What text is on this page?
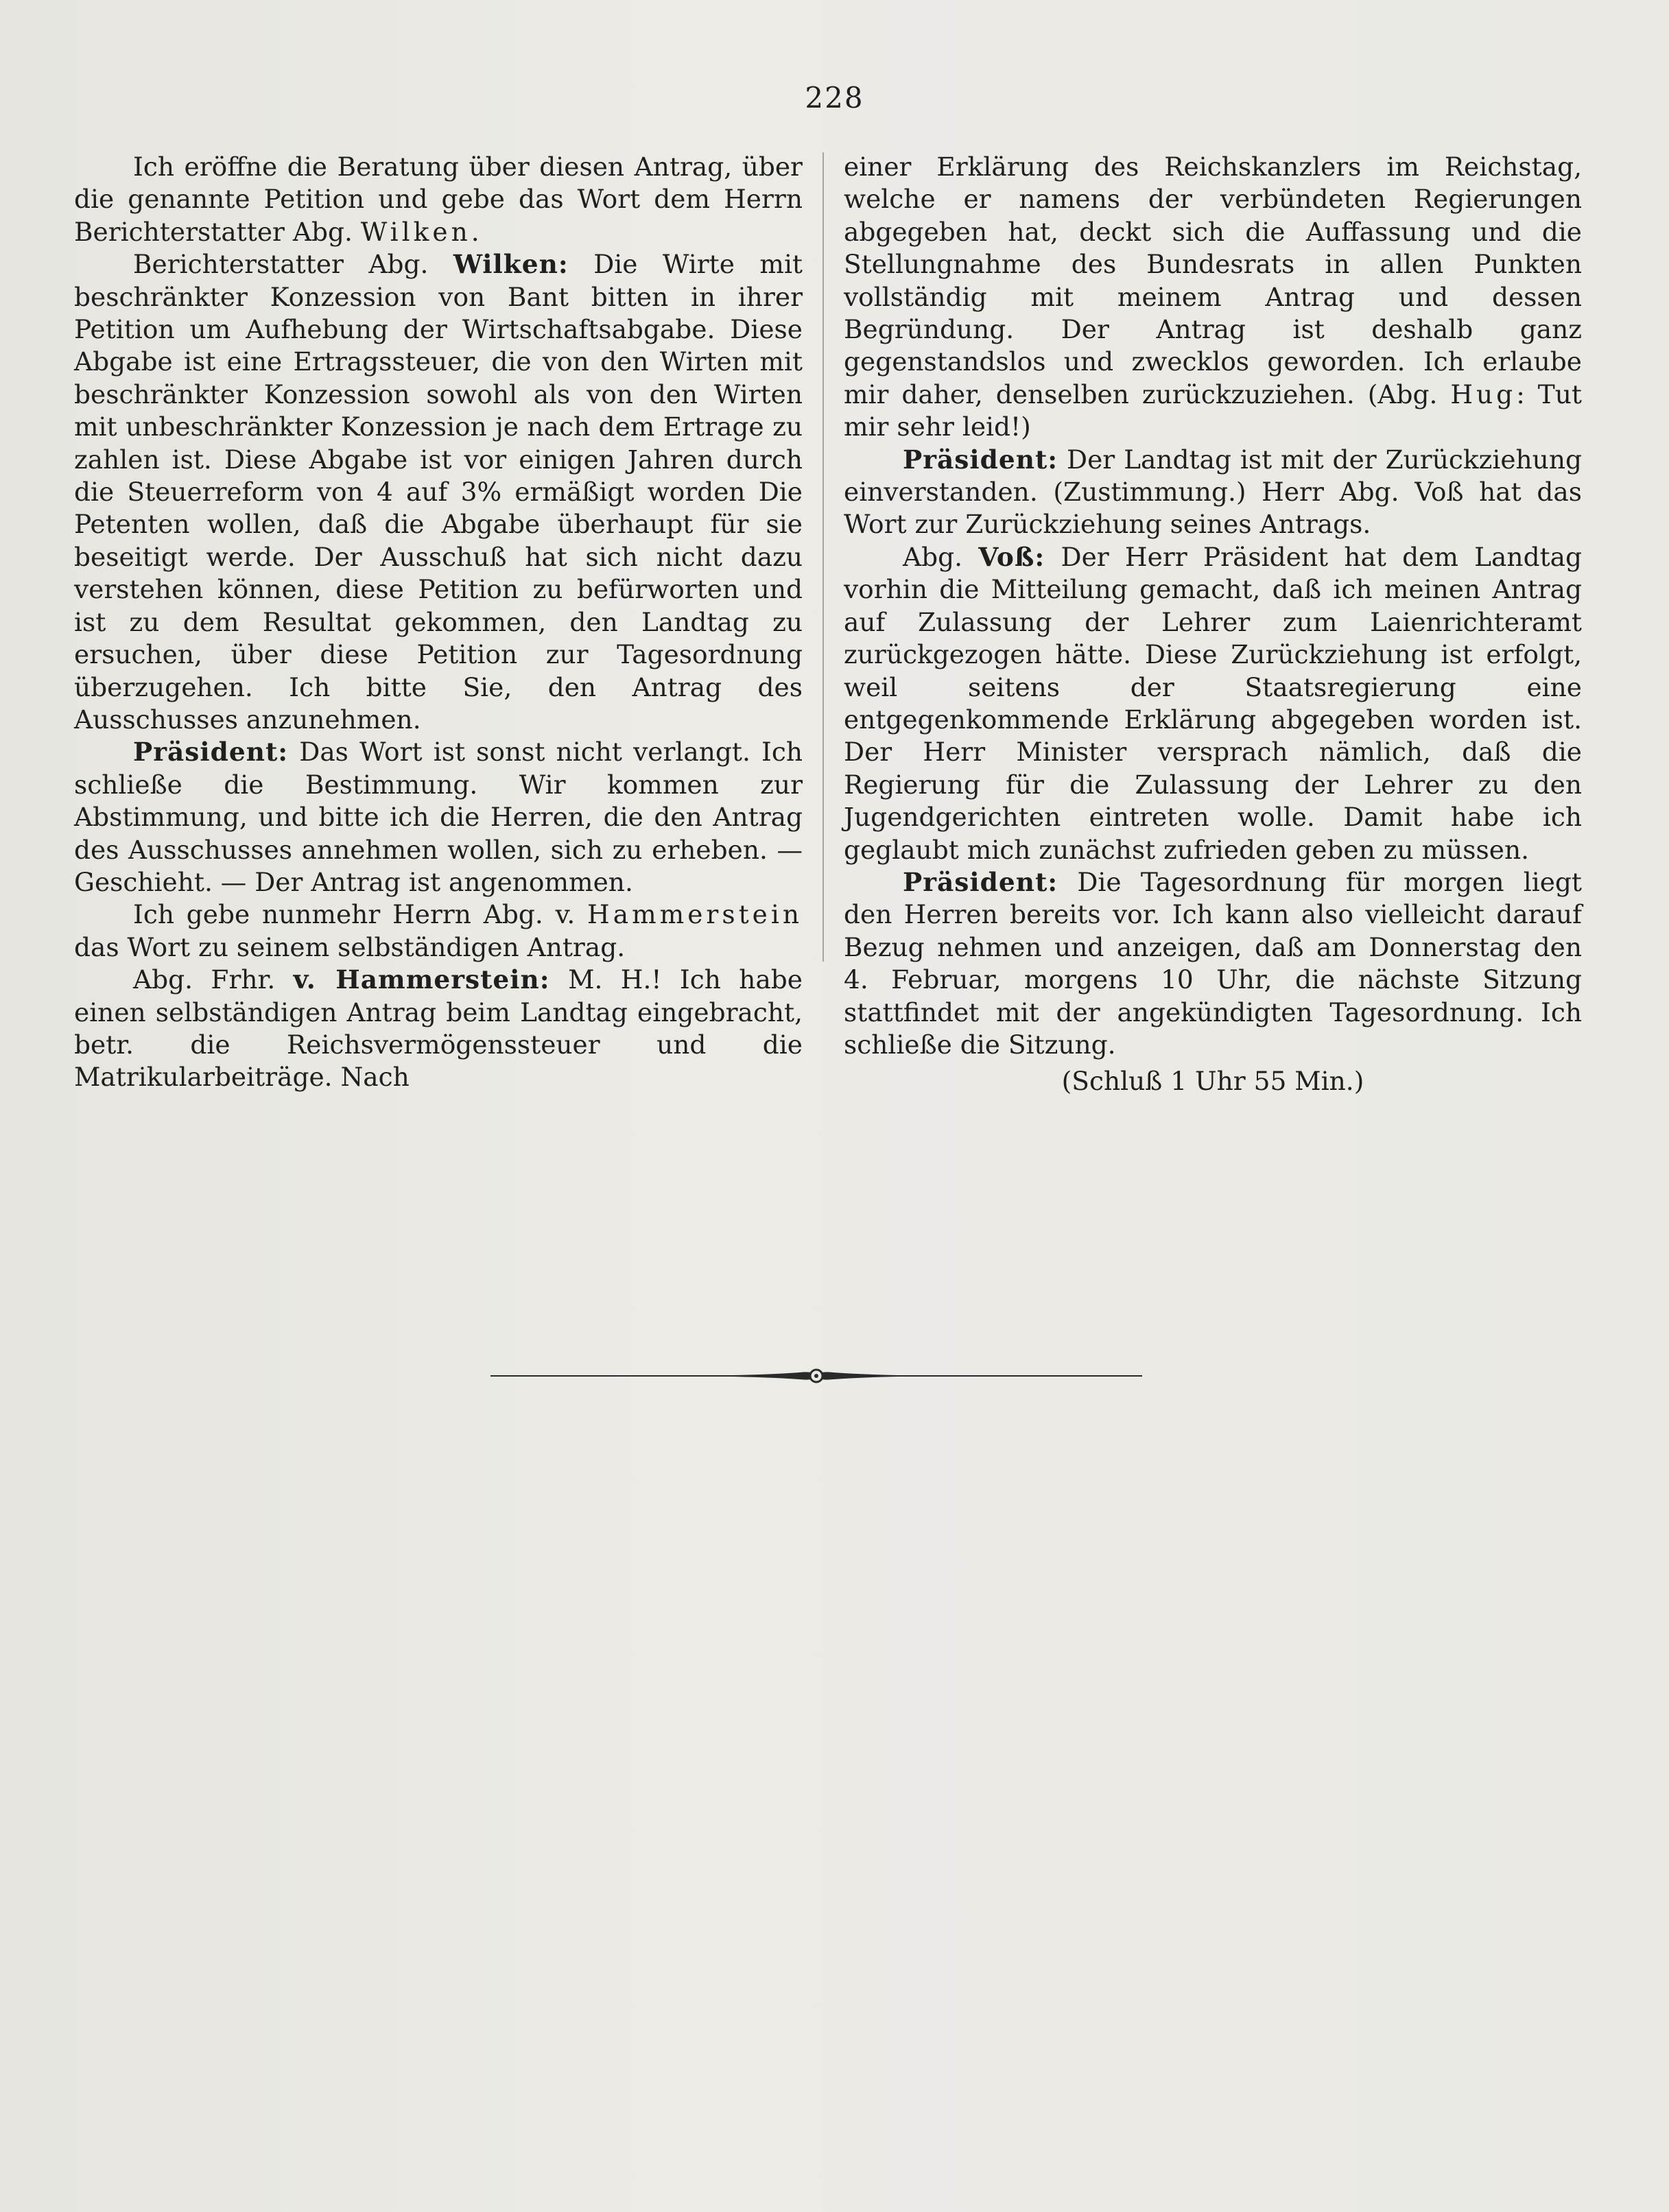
228

Ich eröffne die Beratung über diesen Antrag, über die genannte Petition und gebe das Wort dem Herrn Berichterstatter Abg. Wilken.

Berichterstatter Abg. Wilken: Die Wirte mit beschränkter Konzession von Bant bitten in ihrer Petition um Aufhebung der Wirtschaftsabgabe. Diese Abgabe ist eine Ertragssteuer, die von den Wirten mit beschränkter Konzession sowohl als von den Wirten mit unbeschränkter Konzession je nach dem Ertrage zu zahlen ist. Diese Abgabe ist vor einigen Jahren durch die Steuerreform von 4 auf 3% ermäßigt worden Die Petenten wollen, daß die Abgabe überhaupt für sie beseitigt werde. Der Ausschuß hat sich nicht dazu verstehen können, diese Petition zu befürworten und ist zu dem Resultat gekommen, den Landtag zu ersuchen, über diese Petition zur Tagesordnung überzugehen. Ich bitte Sie, den Antrag des Ausschusses anzunehmen.

Präsident: Das Wort ist sonst nicht verlangt. Ich schließe die Bestimmung. Wir kommen zur Abstimmung, und bitte ich die Herren, die den Antrag des Ausschusses annehmen wollen, sich zu erheben. — Geschieht. — Der Antrag ist angenommen.

Ich gebe nunmehr Herrn Abg. v. Hammerstein das Wort zu seinem selbständigen Antrag.

Abg. Frhr. v. Hammerstein: M. H.! Ich habe einen selbständigen Antrag beim Landtag eingebracht, betr. die Reichsvermögenssteuer und die Matrikularbeiträge. Nach

einer Erklärung des Reichskanzlers im Reichstag, welche er namens der verbündeten Regierungen abgegeben hat, deckt sich die Auffassung und die Stellungnahme des Bundesrats in allen Punkten vollständig mit meinem Antrag und dessen Begründung. Der Antrag ist deshalb ganz gegenstandslos und zwecklos geworden. Ich erlaube mir daher, denselben zurückzuziehen. (Abg. Hug: Tut mir sehr leid!)

Präsident: Der Landtag ist mit der Zurückziehung einverstanden. (Zustimmung.) Herr Abg. Voß hat das Wort zur Zurückziehung seines Antrags.

Abg. Voß: Der Herr Präsident hat dem Landtag vorhin die Mitteilung gemacht, daß ich meinen Antrag auf Zulassung der Lehrer zum Laienrichteramt zurückgezogen hätte. Diese Zurückziehung ist erfolgt, weil seitens der Staatsregierung eine entgegenkommende Erklärung abgegeben worden ist. Der Herr Minister versprach nämlich, daß die Regierung für die Zulassung der Lehrer zu den Jugendgerichten eintreten wolle. Damit habe ich geglaubt mich zunächst zufrieden geben zu müssen.

Präsident: Die Tagesordnung für morgen liegt den Herren bereits vor. Ich kann also vielleicht darauf Bezug nehmen und anzeigen, daß am Donnerstag den 4. Februar, morgens 10 Uhr, die nächste Sitzung stattfindet mit der angekündigten Tagesordnung. Ich schließe die Sitzung.

(Schluß 1 Uhr 55 Min.)
